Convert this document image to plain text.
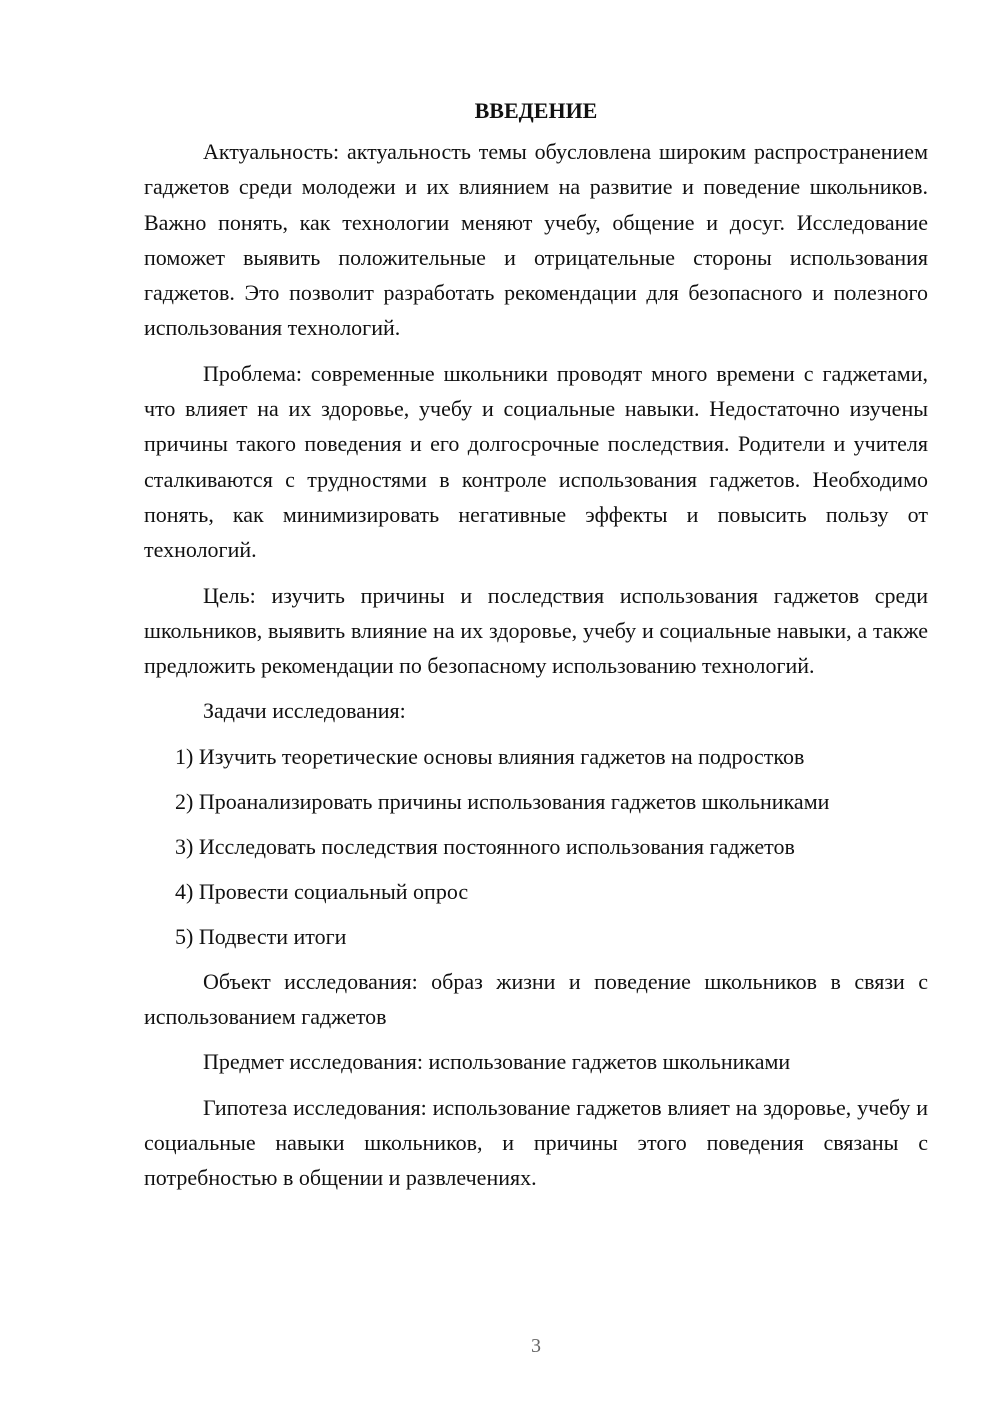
ВВЕДЕНИЕ

Актуальность: актуальность темы обусловлена широким распространением гаджетов среди молодежи и их влиянием на развитие и поведение школьников. Важно понять, как технологии меняют учебу, общение и досуг. Исследование поможет выявить положительные и отрицательные стороны использования гаджетов. Это позволит разработать рекомендации для безопасного и полезного использования технологий.

Проблема: современные школьники проводят много времени с гаджетами, что влияет на их здоровье, учебу и социальные навыки. Недостаточно изучены причины такого поведения и его долгосрочные последствия. Родители и учителя сталкиваются с трудностями в контроле использования гаджетов. Необходимо понять, как минимизировать негативные эффекты и повысить пользу от технологий.

Цель: изучить причины и последствия использования гаджетов среди школьников, выявить влияние на их здоровье, учебу и социальные навыки, а также предложить рекомендации по безопасному использованию технологий.

Задачи исследования:

1) Изучить теоретические основы влияния гаджетов на подростков
2) Проанализировать причины использования гаджетов школьниками
3) Исследовать последствия постоянного использования гаджетов
4) Провести социальный опрос
5) Подвести итоги

Объект исследования: образ жизни и поведение школьников в связи с использованием гаджетов

Предмет исследования: использование гаджетов школьниками

Гипотеза исследования: использование гаджетов влияет на здоровье, учебу и социальные навыки школьников, и причины этого поведения связаны с потребностью в общении и развлечениях.

3
